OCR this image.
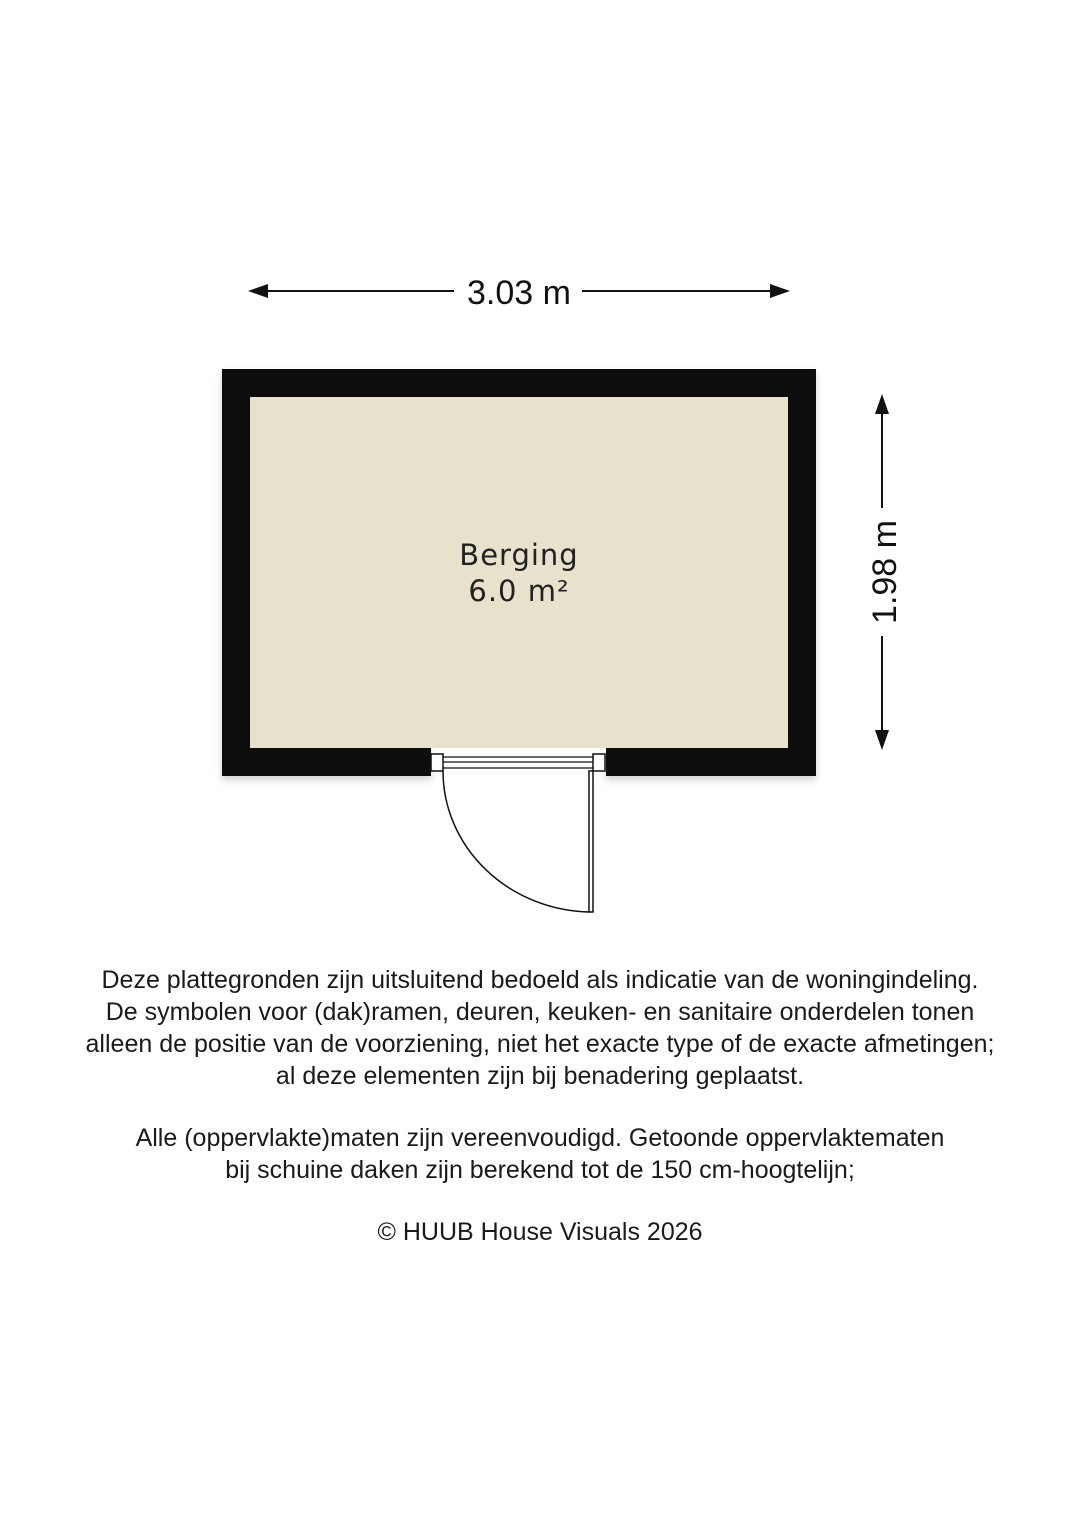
3.03 m
1.98 m
Berging
6.0 m²

Deze plattegronden zijn uitsluitend bedoeld als indicatie van de woningindeling.
De symbolen voor (dak)ramen, deuren, keuken- en sanitaire onderdelen tonen
alleen de positie van de voorziening, niet het exacte type of de exacte afmetingen;
al deze elementen zijn bij benadering geplaatst.

Alle (oppervlakte)maten zijn vereenvoudigd. Getoonde oppervlaktematen
bij schuine daken zijn berekend tot de 150 cm-hoogtelijn;

© HUUB House Visuals 2026
